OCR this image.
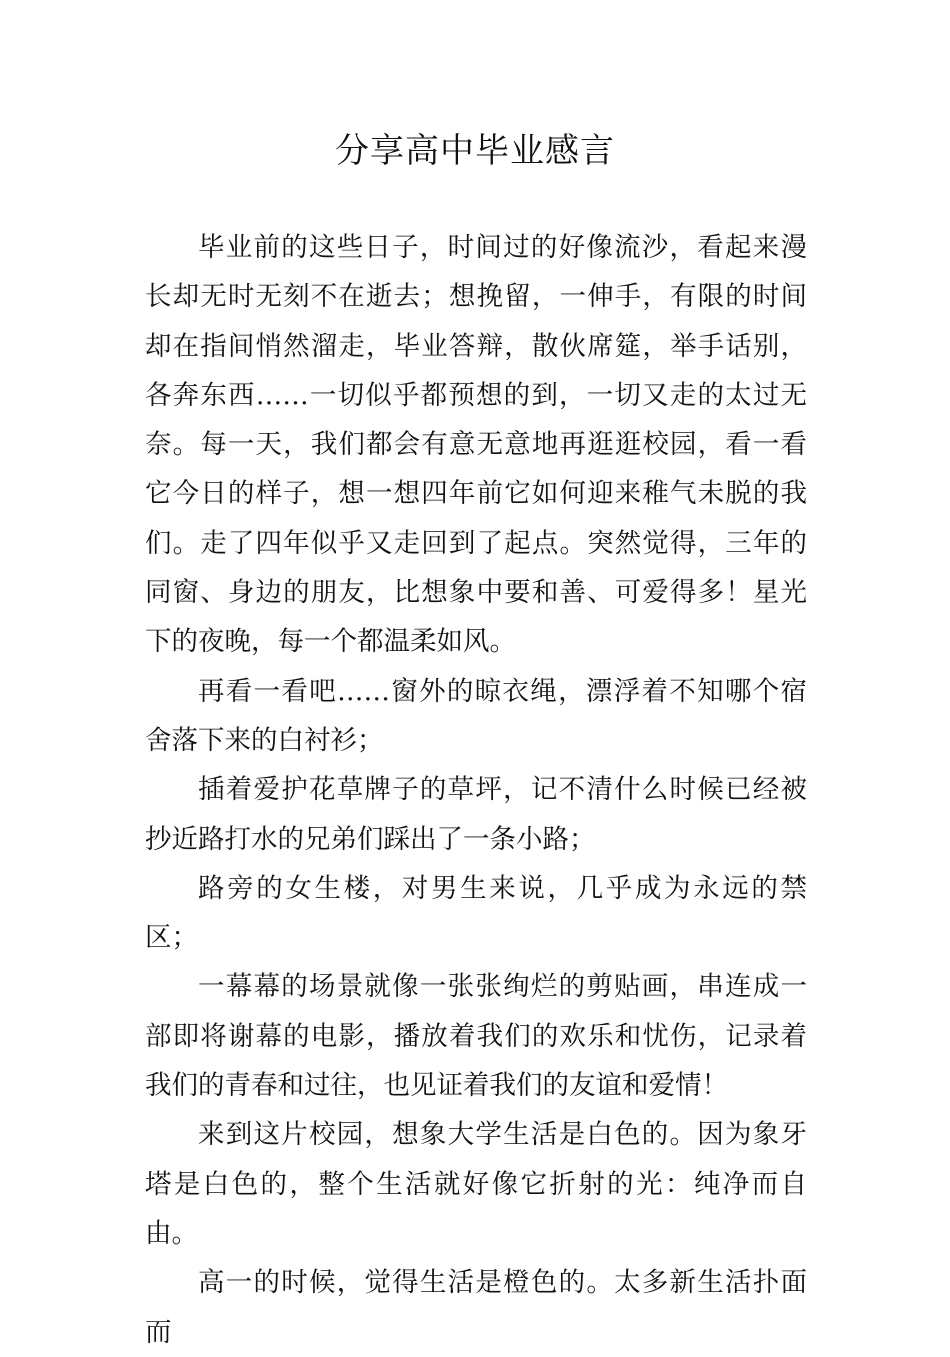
分享高中毕业感言

毕业前的这些日子，时间过的好像流沙，看起来漫长却无时无刻不在逝去；想挽留，一伸手，有限的时间却在指间悄然溜走，毕业答辩，散伙席筵，举手话别，各奔东西……一切似乎都预想的到，一切又走的太过无奈。每一天，我们都会有意无意地再逛逛校园，看一看它今日的样子，想一想四年前它如何迎来稚气未脱的我们。走了四年似乎又走回到了起点。突然觉得，三年的同窗、身边的朋友，比想象中要和善、可爱得多！星光下的夜晚，每一个都温柔如风。

再看一看吧……窗外的晾衣绳，漂浮着不知哪个宿舍落下来的白衬衫；

插着爱护花草牌子的草坪，记不清什么时候已经被抄近路打水的兄弟们踩出了一条小路；

路旁的女生楼，对男生来说，几乎成为永远的禁区；

一幕幕的场景就像一张张绚烂的剪贴画，串连成一部即将谢幕的电影，播放着我们的欢乐和忧伤，记录着我们的青春和过往，也见证着我们的友谊和爱情！

来到这片校园，想象大学生活是白色的。因为象牙塔是白色的，整个生活就好像它折射的光：纯净而自由。

高一的时候，觉得生活是橙色的。太多新生活扑面而
